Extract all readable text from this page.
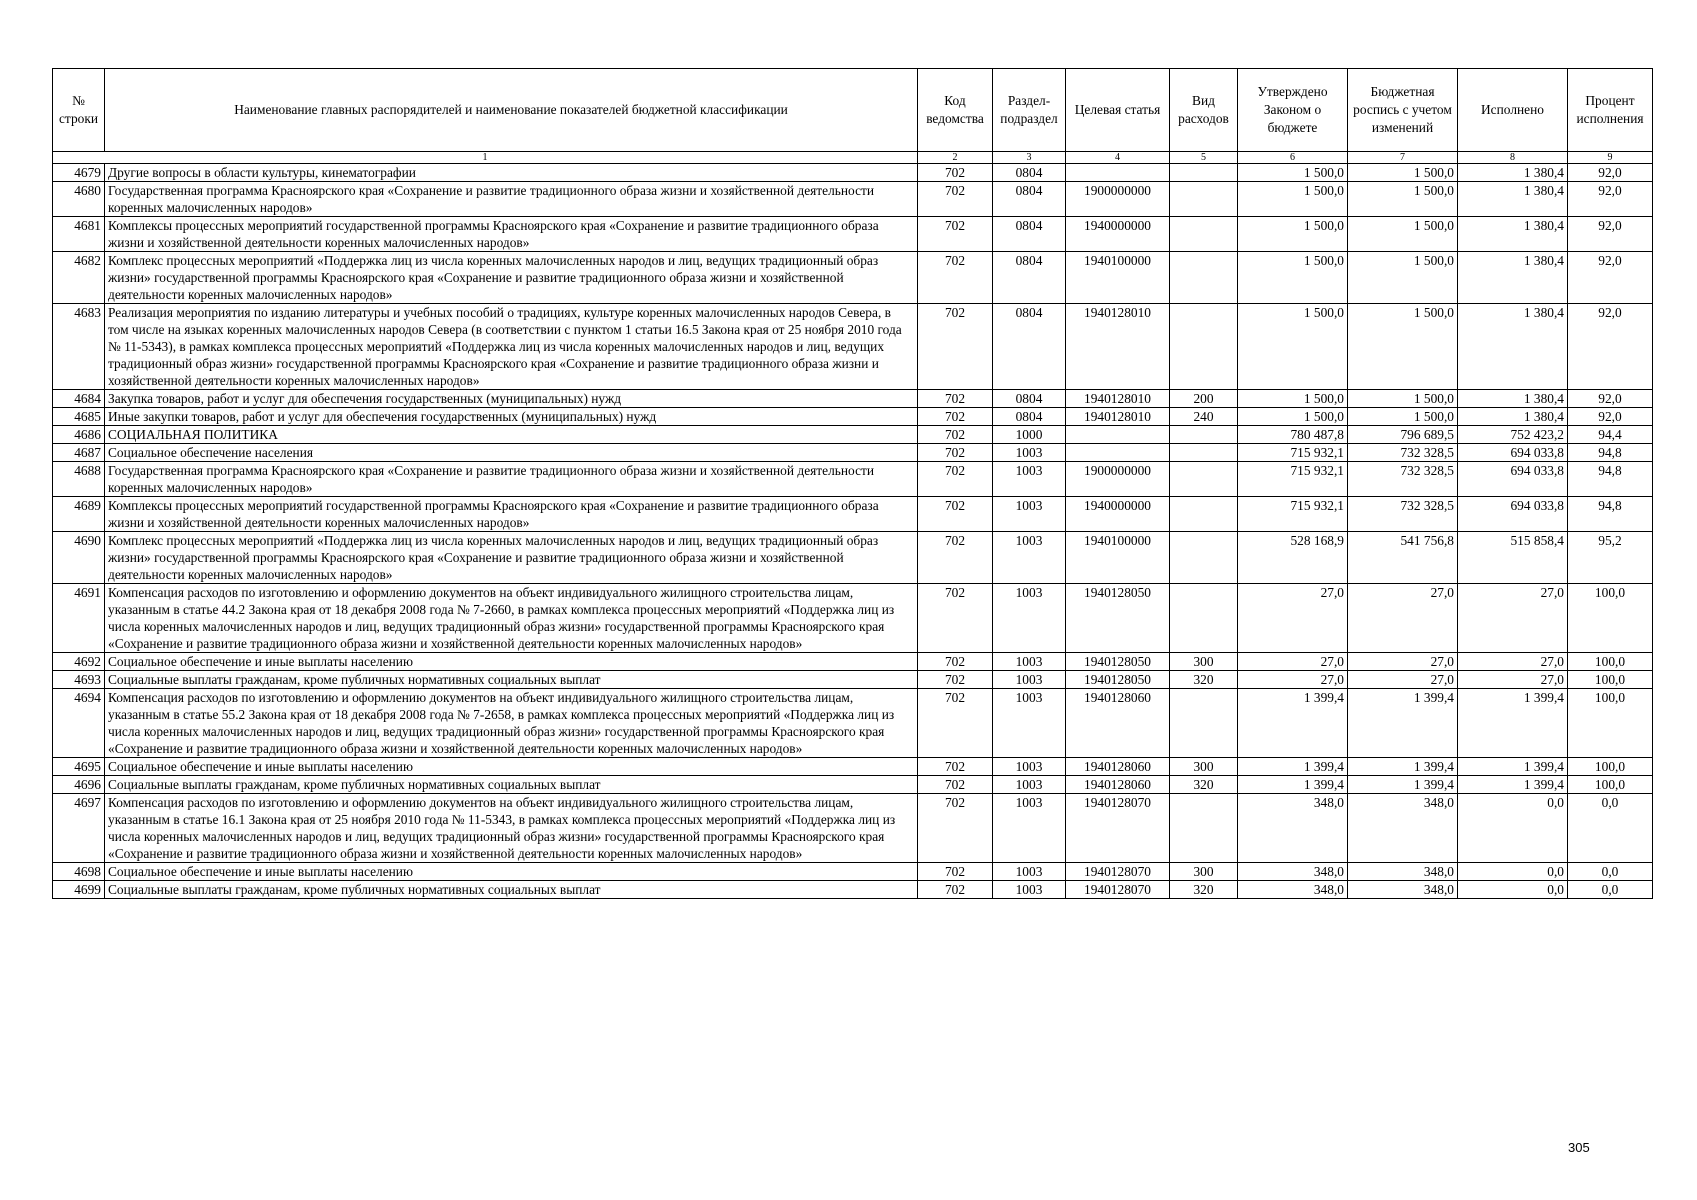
№ строки	Наименование главных распорядителей и наименование показателей бюджетной классификации	Код ведомства	Раздел-подраздел	Целевая статья	Вид расходов	Утверждено Законом о бюджете	Бюджетная роспись с учетом изменений	Исполнено	Процент исполнения
1		2	3	4	5	6	7	8	9
4679	Другие вопросы в области культуры, кинематографии	702	0804			1 500,0	1 500,0	1 380,4	92,0
4680	Государственная программа Красноярского края «Сохранение и развитие традиционного образа жизни и хозяйственной деятельности коренных малочисленных народов»	702	0804	1900000000		1 500,0	1 500,0	1 380,4	92,0
4681	Комплексы процессных мероприятий государственной программы Красноярского края «Сохранение и развитие традиционного образа жизни и хозяйственной деятельности коренных малочисленных народов»	702	0804	1940000000		1 500,0	1 500,0	1 380,4	92,0
4682	Комплекс процессных мероприятий «Поддержка лиц из числа коренных малочисленных народов и лиц, ведущих традиционный образ жизни» государственной программы Красноярского края «Сохранение и развитие традиционного образа жизни и хозяйственной деятельности коренных малочисленных народов»	702	0804	1940100000		1 500,0	1 500,0	1 380,4	92,0
4683	Реализация мероприятия по изданию литературы и учебных пособий о традициях, культуре коренных малочисленных народов Севера, в том числе на языках коренных малочисленных народов Севера (в соответствии с пунктом 1 статьи 16.5 Закона края от 25 ноября 2010 года № 11-5343), в рамках комплекса процессных мероприятий «Поддержка лиц из числа коренных малочисленных народов и лиц, ведущих традиционный образ жизни» государственной программы Красноярского края «Сохранение и развитие традиционного образа жизни и хозяйственной деятельности коренных малочисленных народов»	702	0804	1940128010		1 500,0	1 500,0	1 380,4	92,0
4684	Закупка товаров, работ и услуг для обеспечения государственных (муниципальных) нужд	702	0804	1940128010	200	1 500,0	1 500,0	1 380,4	92,0
4685	Иные закупки товаров, работ и услуг для обеспечения государственных (муниципальных) нужд	702	0804	1940128010	240	1 500,0	1 500,0	1 380,4	92,0
4686	СОЦИАЛЬНАЯ ПОЛИТИКА	702	1000			780 487,8	796 689,5	752 423,2	94,4
4687	Социальное обеспечение населения	702	1003			715 932,1	732 328,5	694 033,8	94,8
4688	Государственная программа Красноярского края «Сохранение и развитие традиционного образа жизни и хозяйственной деятельности коренных малочисленных народов»	702	1003	1900000000		715 932,1	732 328,5	694 033,8	94,8
4689	Комплексы процессных мероприятий государственной программы Красноярского края «Сохранение и развитие традиционного образа жизни и хозяйственной деятельности коренных малочисленных народов»	702	1003	1940000000		715 932,1	732 328,5	694 033,8	94,8
4690	Комплекс процессных мероприятий «Поддержка лиц из числа коренных малочисленных народов и лиц, ведущих традиционный образ жизни» государственной программы Красноярского края «Сохранение и развитие традиционного образа жизни и хозяйственной деятельности коренных малочисленных народов»	702	1003	1940100000		528 168,9	541 756,8	515 858,4	95,2
4691	Компенсация расходов по изготовлению и оформлению документов на объект индивидуального жилищного строительства лицам, указанным в статье 44.2 Закона края от 18 декабря 2008 года № 7-2660, в рамках комплекса процессных мероприятий «Поддержка лиц из числа коренных малочисленных народов и лиц, ведущих традиционный образ жизни» государственной программы Красноярского края «Сохранение и развитие традиционного образа жизни и хозяйственной деятельности коренных малочисленных народов»	702	1003	1940128050		27,0	27,0	27,0	100,0
4692	Социальное обеспечение и иные выплаты населению	702	1003	1940128050	300	27,0	27,0	27,0	100,0
4693	Социальные выплаты гражданам, кроме публичных нормативных социальных выплат	702	1003	1940128050	320	27,0	27,0	27,0	100,0
4694	Компенсация расходов по изготовлению и оформлению документов на объект индивидуального жилищного строительства лицам, указанным в статье 55.2 Закона края от 18 декабря 2008 года № 7-2658, в рамках комплекса процессных мероприятий «Поддержка лиц из числа коренных малочисленных народов и лиц, ведущих традиционный образ жизни» государственной программы Красноярского края «Сохранение и развитие традиционного образа жизни и хозяйственной деятельности коренных малочисленных народов»	702	1003	1940128060		1 399,4	1 399,4	1 399,4	100,0
4695	Социальное обеспечение и иные выплаты населению	702	1003	1940128060	300	1 399,4	1 399,4	1 399,4	100,0
4696	Социальные выплаты гражданам, кроме публичных нормативных социальных выплат	702	1003	1940128060	320	1 399,4	1 399,4	1 399,4	100,0
4697	Компенсация расходов по изготовлению и оформлению документов на объект индивидуального жилищного строительства лицам, указанным в статье 16.1 Закона края от 25 ноября 2010 года № 11-5343, в рамках комплекса процессных мероприятий «Поддержка лиц из числа коренных малочисленных народов и лиц, ведущих традиционный образ жизни» государственной программы Красноярского края «Сохранение и развитие традиционного образа жизни и хозяйственной деятельности коренных малочисленных народов»	702	1003	1940128070		348,0	348,0	0,0	0,0
4698	Социальное обеспечение и иные выплаты населению	702	1003	1940128070	300	348,0	348,0	0,0	0,0
4699	Социальные выплаты гражданам, кроме публичных нормативных социальных выплат	702	1003	1940128070	320	348,0	348,0	0,0	0,0
305
